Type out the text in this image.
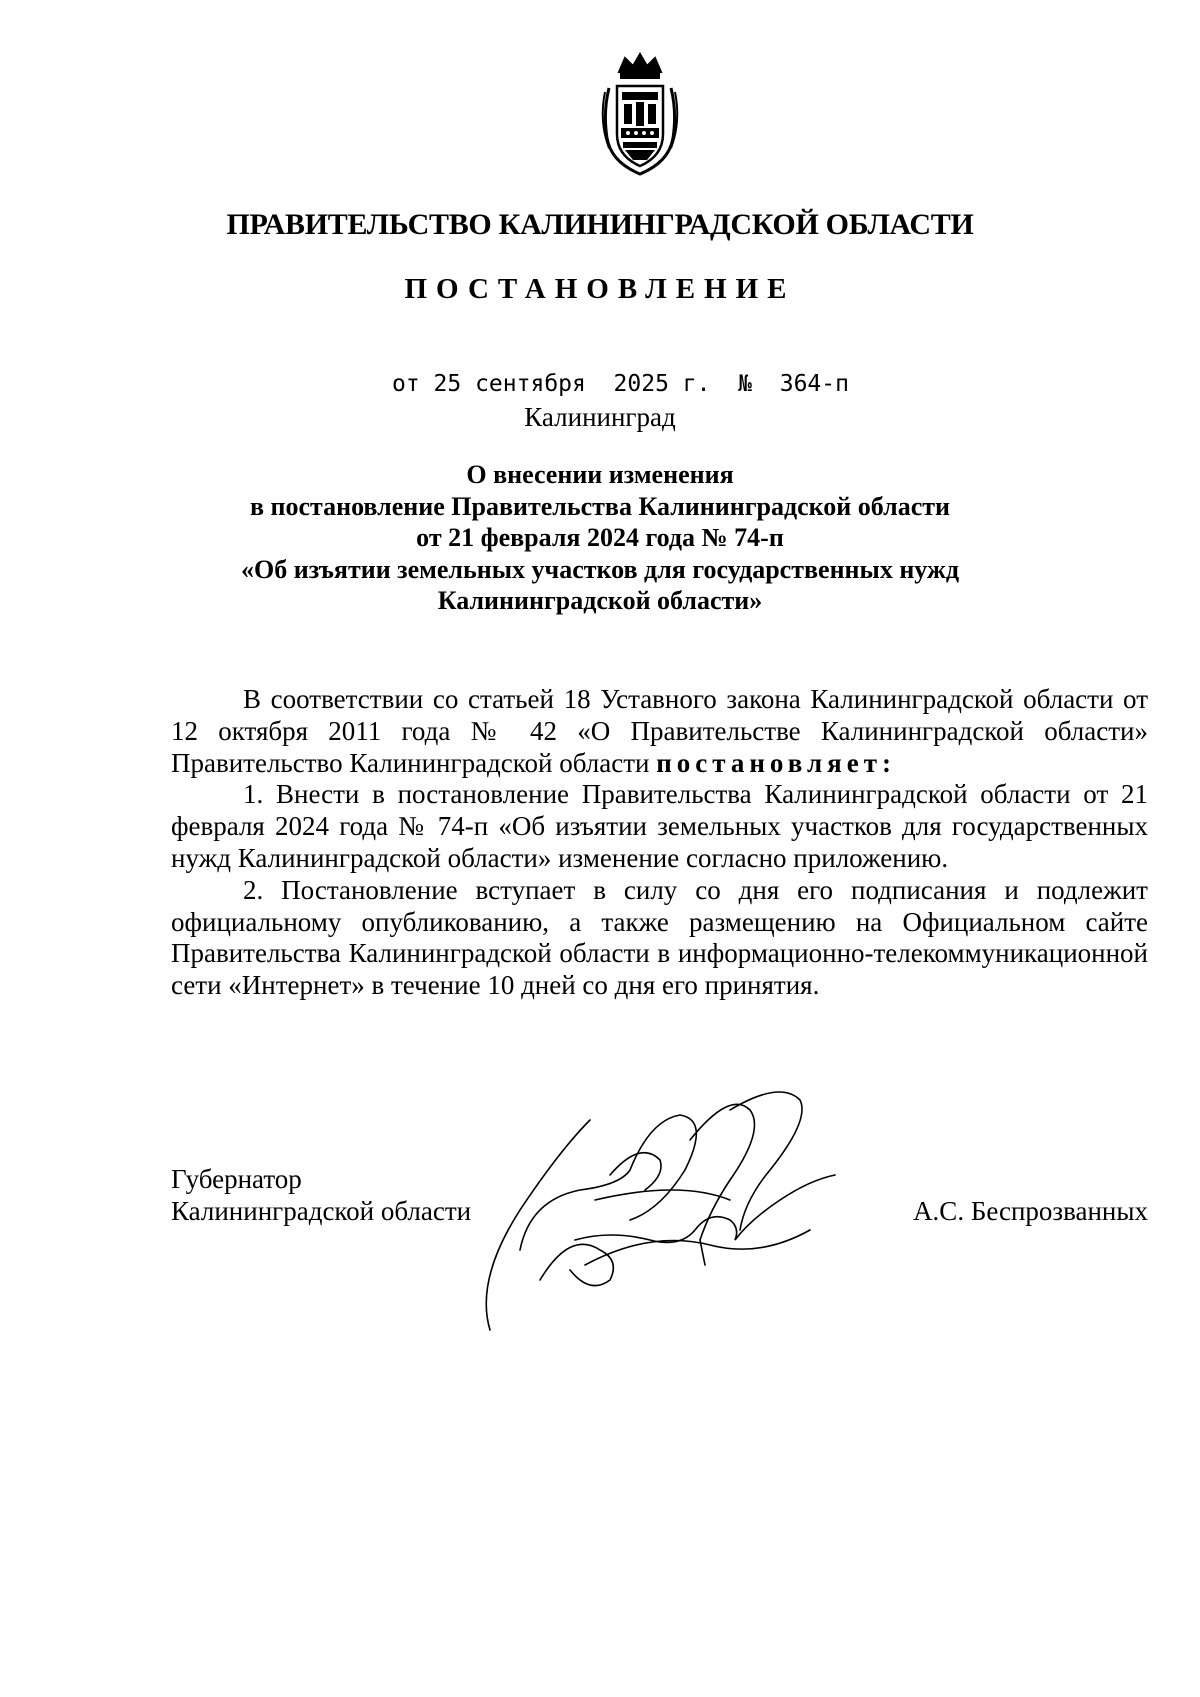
ПРАВИТЕЛЬСТВО КАЛИНИНГРАДСКОЙ ОБЛАСТИ
ПОСТАНОВЛЕНИЕ
от 25 сентября  2025 г.  №  364-п
Калининград
О внесении изменения
в постановление Правительства Калининградской области
от 21 февраля 2024 года № 74-п
«Об изъятии земельных участков для государственных нужд
Калининградской области»

В соответствии со статьей 18 Уставного закона Калининградской области от 12 октября 2011 года № 42 «О Правительстве Калининградской области» Правительство Калининградской области постановляет:

1. Внести в постановление Правительства Калининградской области от 21 февраля 2024 года № 74-п «Об изъятии земельных участков для государственных нужд Калининградской области» изменение согласно приложению.

2. Постановление вступает в силу со дня его подписания и подлежит официальному опубликованию, а также размещению на Официальном сайте Правительства Калининградской области в информационно-телекоммуникационной сети «Интернет» в течение 10 дней со дня его принятия.

Губернатор
Калининградской области	А.С. Беспрозванных
